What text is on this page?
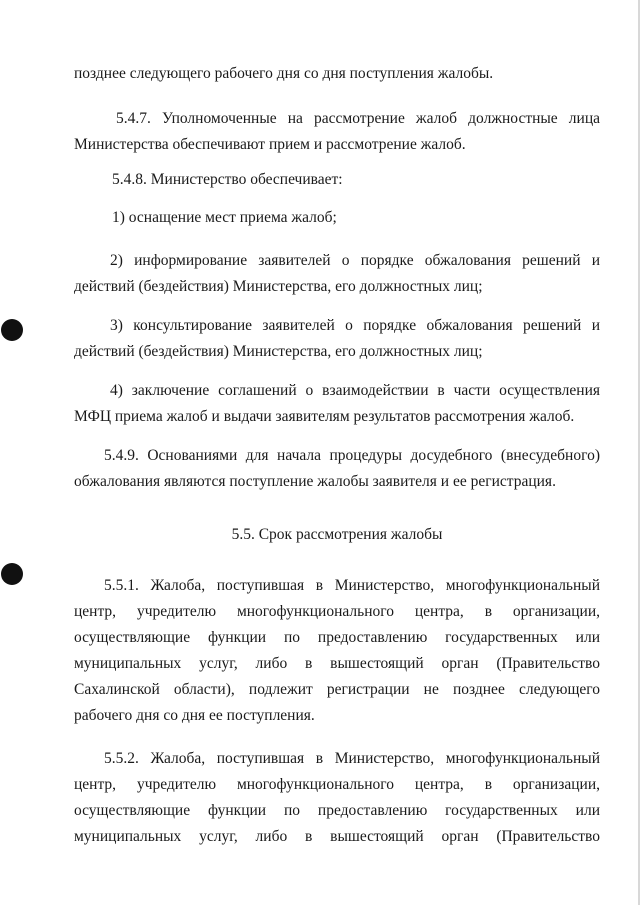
позднее следующего рабочего дня со дня поступления жалобы.

5.4.7. Уполномоченные на рассмотрение жалоб должностные лица
Министерства обеспечивают прием и рассмотрение жалоб.

5.4.8. Министерство обеспечивает:

1) оснащение мест приема жалоб;

2) информирование заявителей о порядке обжалования решений и
действий (бездействия) Министерства, его должностных лиц;

3) консультирование заявителей о порядке обжалования решений и
действий (бездействия) Министерства, его должностных лиц;

4) заключение соглашений о взаимодействии в части осуществления
МФЦ приема жалоб и выдачи заявителям результатов рассмотрения жалоб.

5.4.9. Основаниями для начала процедуры досудебного (внесудебного)
обжалования являются поступление жалобы заявителя и ее регистрация.

5.5. Срок рассмотрения жалобы

5.5.1. Жалоба, поступившая в Министерство, многофункциональный
центр, учредителю многофункционального центра, в организации,
осуществляющие функции по предоставлению государственных или
муниципальных услуг, либо в вышестоящий орган (Правительство
Сахалинской области), подлежит регистрации не позднее следующего
рабочего дня со дня ее поступления.

5.5.2. Жалоба, поступившая в Министерство, многофункциональный
центр, учредителю многофункционального центра, в организации,
осуществляющие функции по предоставлению государственных или
муниципальных услуг, либо в вышестоящий орган (Правительство
